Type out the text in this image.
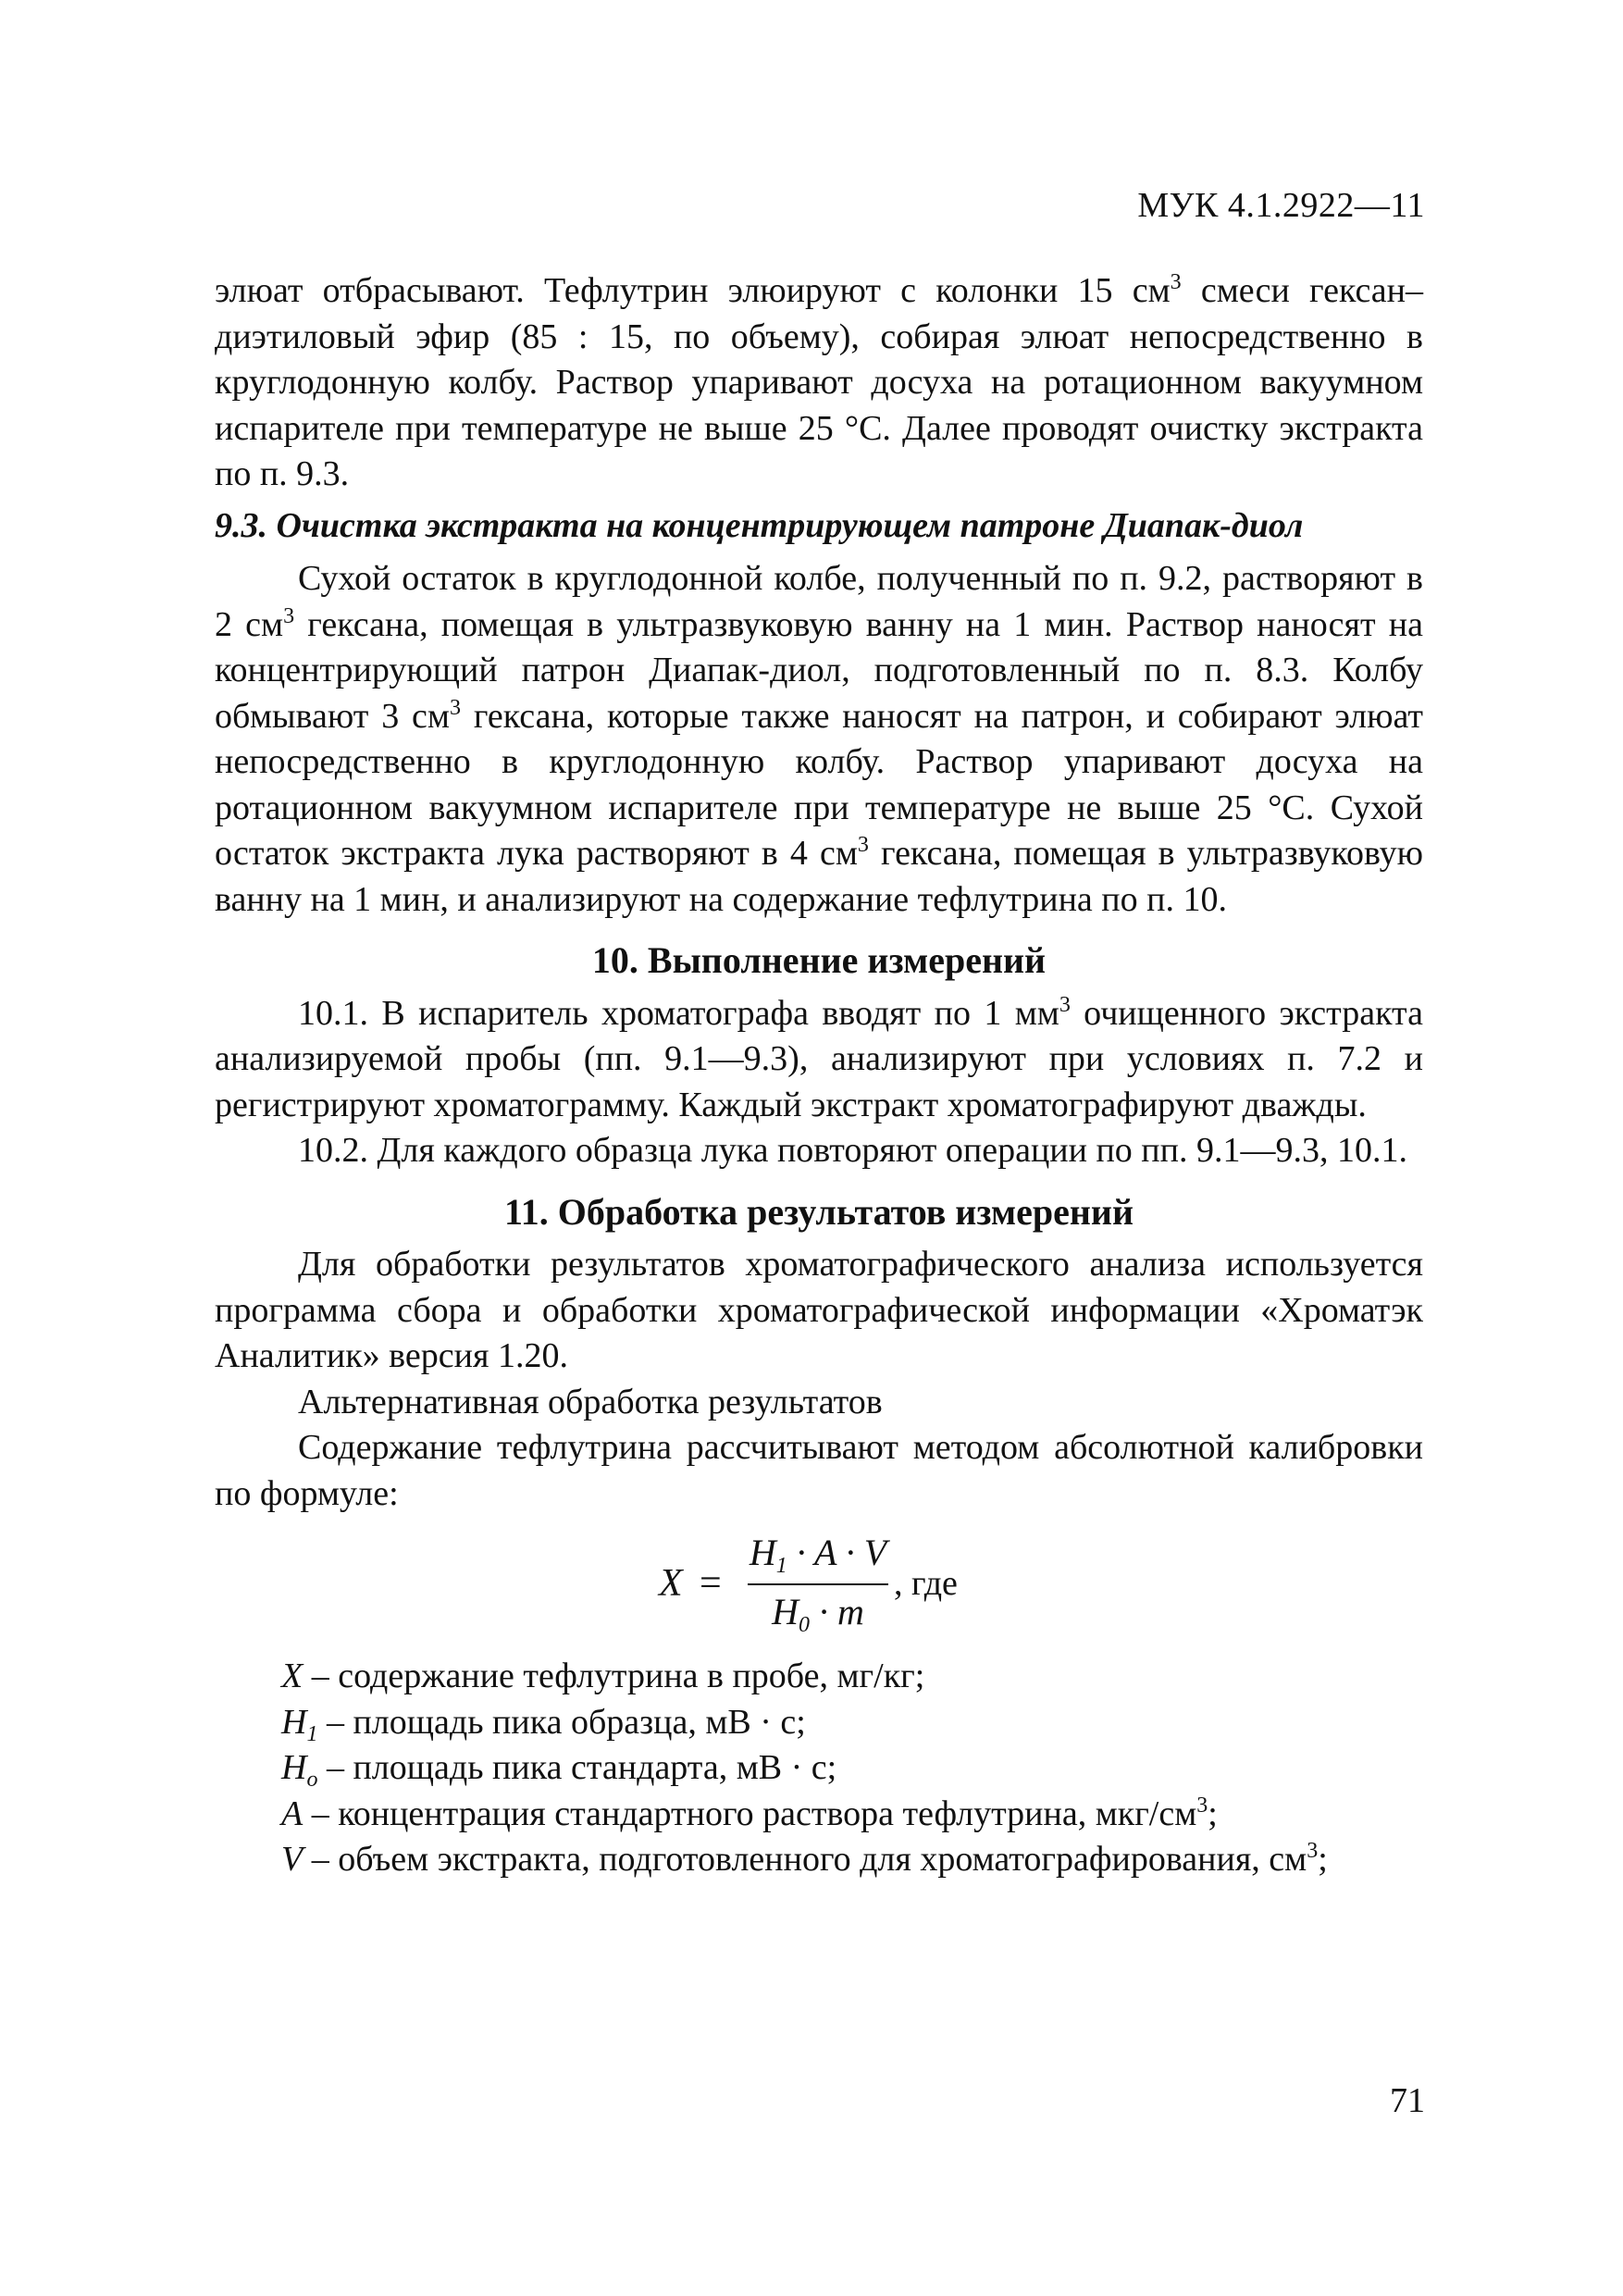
МУК 4.1.2922—11

элюат отбрасывают. Тефлутрин элюируют с колонки 15 $см^3$ смеси гексан–диэтиловый эфир (85 : 15, по объему), собирая элюат непосредственно в круглодонную колбу. Раствор упаривают досуха на ротационном вакуумном испарителе при температуре не выше 25 °С. Далее проводят очистку экстракта по п. 9.3.

9.3. Очистка экстракта на концентрирующем патроне Диапак-диол

Сухой остаток в круглодонной колбе, полученный по п. 9.2, растворяют в 2 $см^3$ гексана, помещая в ультразвуковую ванну на 1 мин. Раствор наносят на концентрирующий патрон Диапак-диол, подготовленный по п. 8.3. Колбу обмывают 3 $см^3$ гексана, которые также наносят на патрон, и собирают элюат непосредственно в круглодонную колбу. Раствор упаривают досуха на ротационном вакуумном испарителе при температуре не выше 25 °С. Сухой остаток экстракта лука растворяют в 4 $см^3$ гексана, помещая в ультразвуковую ванну на 1 мин, и анализируют на содержание тефлутрина по п. 10.

10. Выполнение измерений

10.1. В испаритель хроматографа вводят по 1 $мм^3$ очищенного экстракта анализируемой пробы (пп. 9.1—9.3), анализируют при условиях п. 7.2 и регистрируют хроматограмму. Каждый экстракт хроматографируют дважды.

10.2. Для каждого образца лука повторяют операции по пп. 9.1—9.3, 10.1.

11. Обработка результатов измерений

Для обработки результатов хроматографического анализа используется программа сбора и обработки хроматографической информации «Хроматэк Аналитик» версия 1.20.

Альтернативная обработка результатов

Содержание тефлутрина рассчитывают методом абсолютной калибровки по формуле:

X =
$H_1 \cdot A \cdot V$
$H_0 \cdot m$
, где

X – содержание тефлутрина в пробе, мг/кг;

$H_1$ – площадь пика образца, мВ · с;

$H_o$ – площадь пика стандарта, мВ · с;

A – концентрация стандартного раствора тефлутрина, мкг/$см^3$;

V – объем экстракта, подготовленного для хроматографирования, $см^3$;

71
